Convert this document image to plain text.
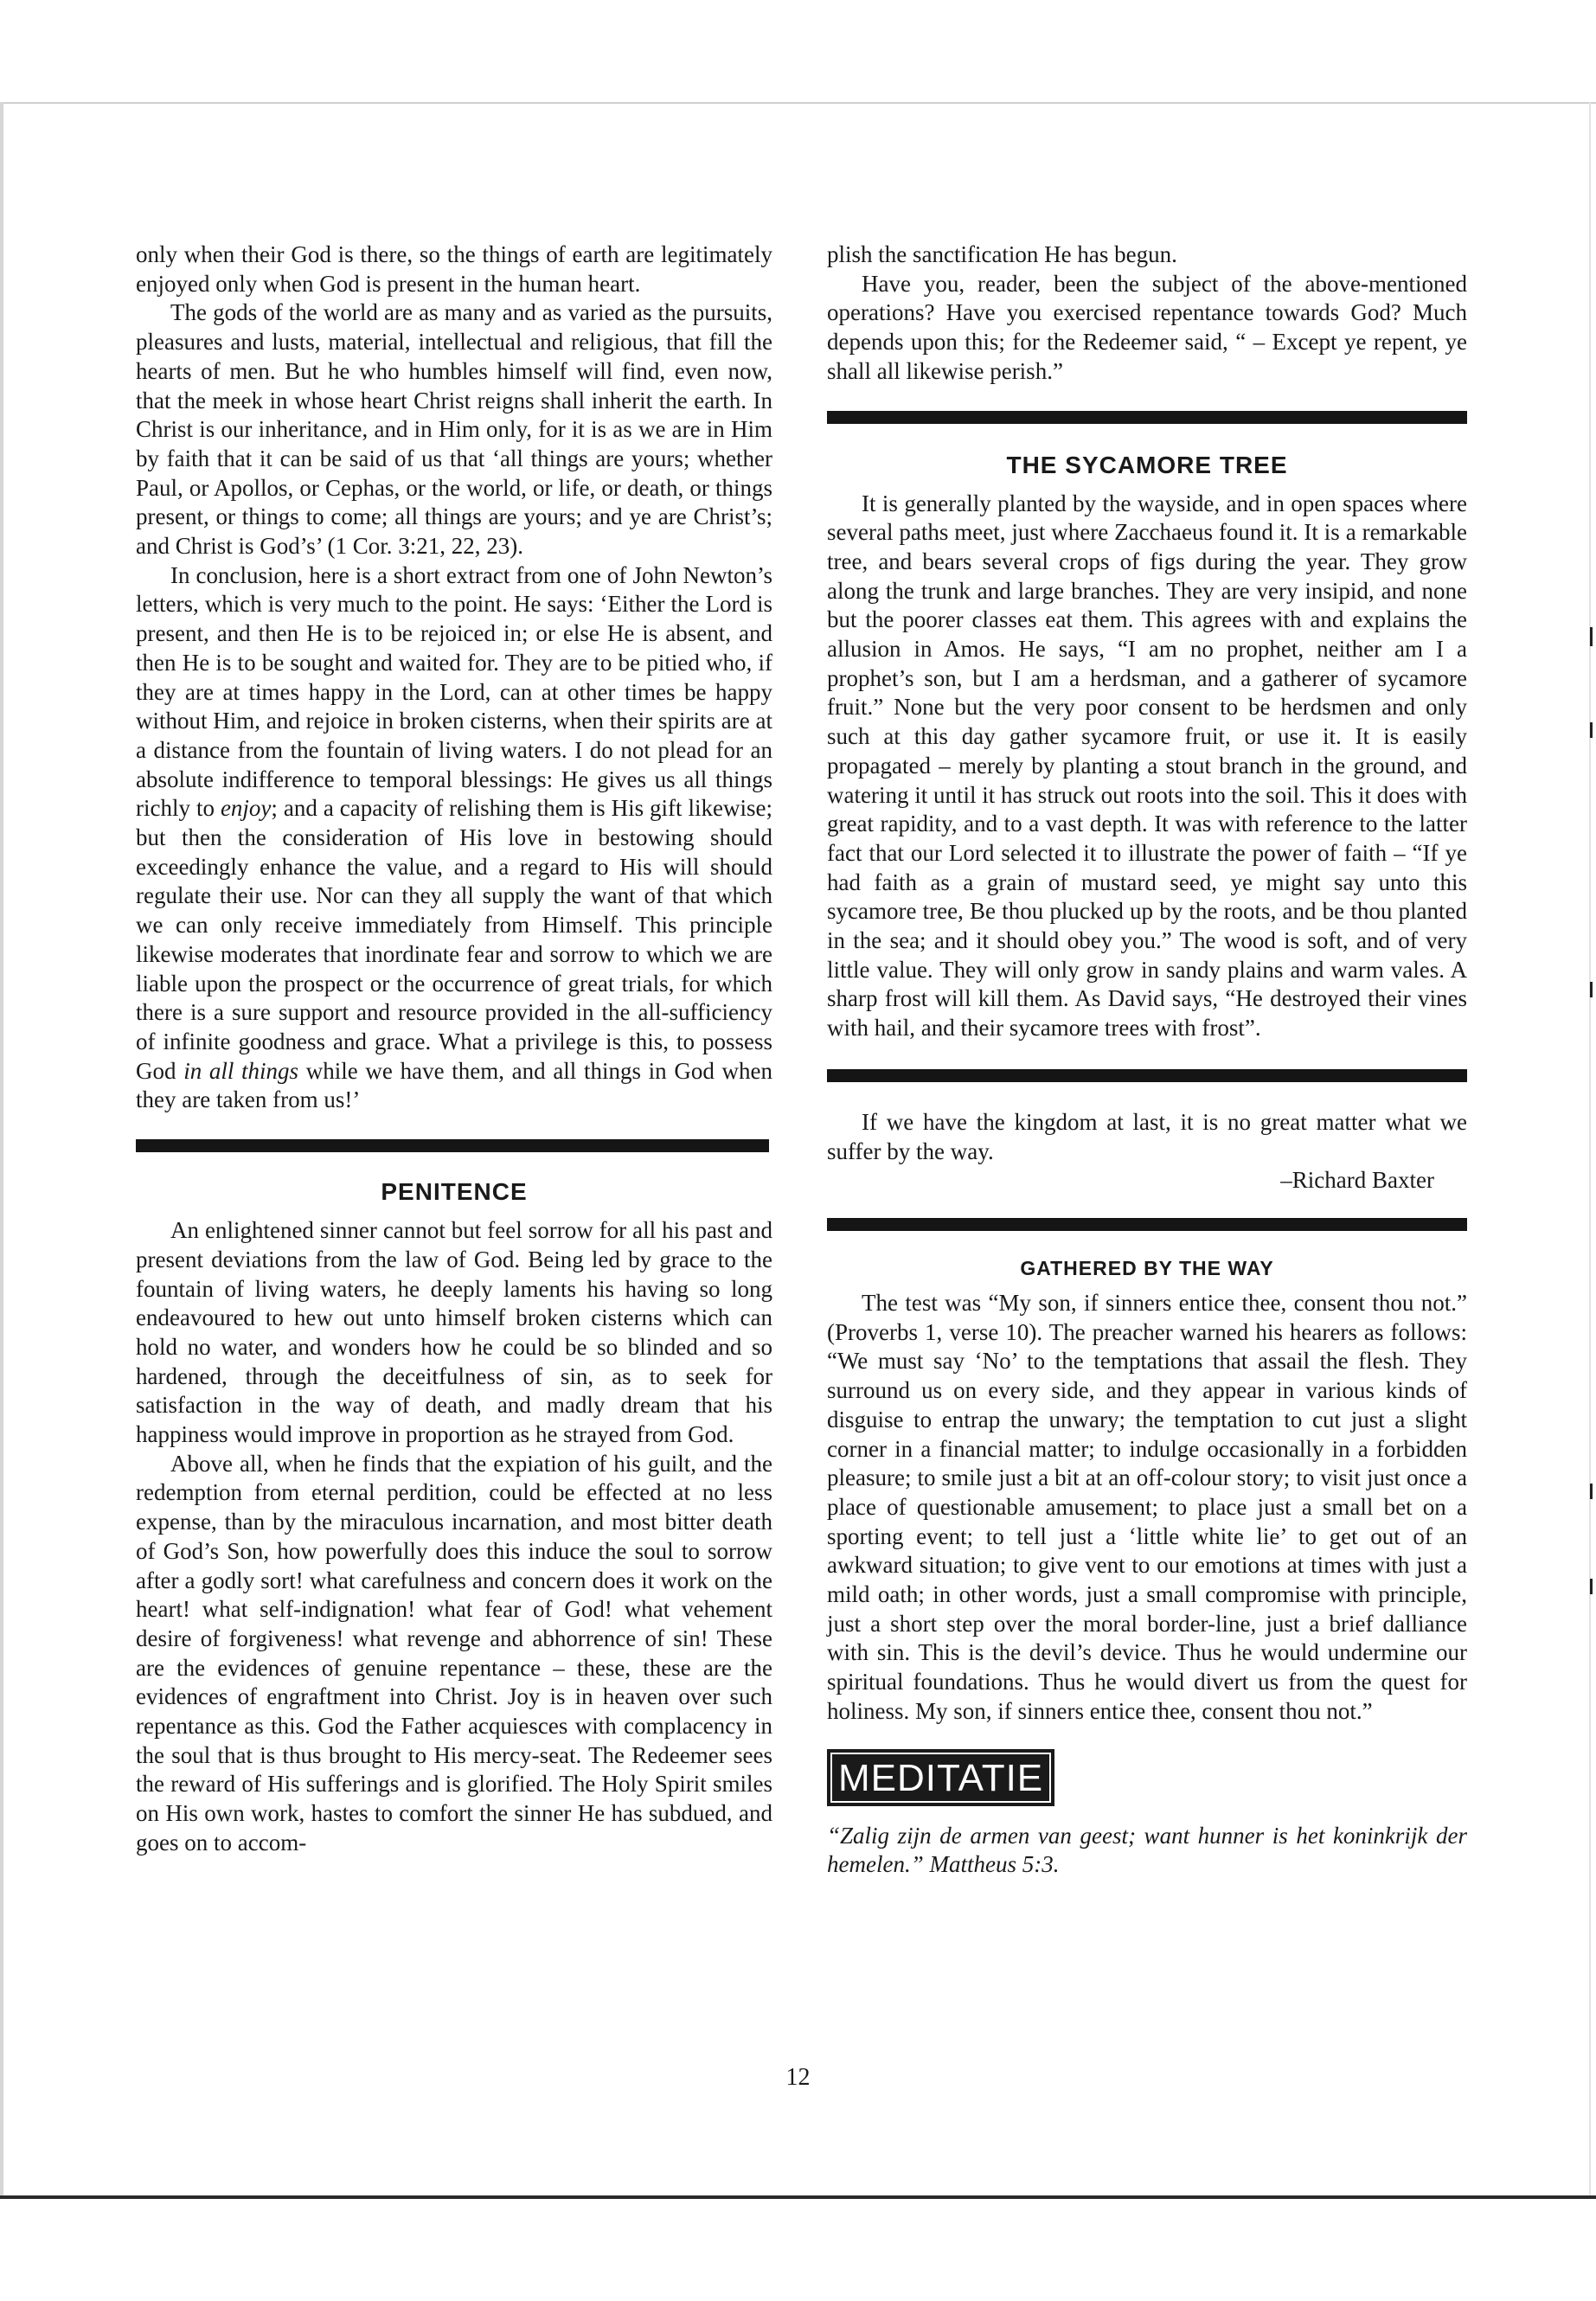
only when their God is there, so the things of earth are legitimately enjoyed only when God is present in the human heart.

The gods of the world are as many and as varied as the pursuits, pleasures and lusts, material, intellectual and religious, that fill the hearts of men. But he who humbles himself will find, even now, that the meek in whose heart Christ reigns shall inherit the earth. In Christ is our inheritance, and in Him only, for it is as we are in Him by faith that it can be said of us that ‘all things are yours; whether Paul, or Apollos, or Cephas, or the world, or life, or death, or things present, or things to come; all things are yours; and ye are Christ’s; and Christ is God’s’ (1 Cor. 3:21, 22, 23).

In conclusion, here is a short extract from one of John Newton’s letters, which is very much to the point. He says: ‘Either the Lord is present, and then He is to be rejoiced in; or else He is absent, and then He is to be sought and waited for. They are to be pitied who, if they are at times happy in the Lord, can at other times be happy without Him, and rejoice in broken cisterns, when their spirits are at a distance from the fountain of living waters. I do not plead for an absolute indifference to temporal blessings: He gives us all things richly to enjoy; and a capacity of relishing them is His gift likewise; but then the consideration of His love in bestowing should exceedingly enhance the value, and a regard to His will should regulate their use. Nor can they all supply the want of that which we can only receive immediately from Himself. This principle likewise moderates that inordinate fear and sorrow to which we are liable upon the prospect or the occurrence of great trials, for which there is a sure support and resource provided in the all-sufficiency of infinite goodness and grace. What a privilege is this, to possess God in all things while we have them, and all things in God when they are taken from us!’

PENITENCE

An enlightened sinner cannot but feel sorrow for all his past and present deviations from the law of God. Being led by grace to the fountain of living waters, he deeply laments his having so long endeavoured to hew out unto himself broken cisterns which can hold no water, and wonders how he could be so blinded and so hardened, through the deceitfulness of sin, as to seek for satisfaction in the way of death, and madly dream that his happiness would improve in proportion as he strayed from God.

Above all, when he finds that the expiation of his guilt, and the redemption from eternal perdition, could be effected at no less expense, than by the miraculous incarnation, and most bitter death of God’s Son, how powerfully does this induce the soul to sorrow after a godly sort! what carefulness and concern does it work on the heart! what self-indignation! what fear of God! what vehement desire of forgiveness! what revenge and abhorrence of sin! These are the evidences of genuine repentance – these, these are the evidences of engraftment into Christ. Joy is in heaven over such repentance as this. God the Father acquiesces with complacency in the soul that is thus brought to His mercy-seat. The Redeemer sees the reward of His sufferings and is glorified. The Holy Spirit smiles on His own work, hastes to comfort the sinner He has subdued, and goes on to accom-

plish the sanctification He has begun.

Have you, reader, been the subject of the above-mentioned operations? Have you exercised repentance towards God? Much depends upon this; for the Redeemer said, “ – Except ye repent, ye shall all likewise perish.”

THE SYCAMORE TREE

It is generally planted by the wayside, and in open spaces where several paths meet, just where Zacchaeus found it. It is a remarkable tree, and bears several crops of figs during the year. They grow along the trunk and large branches. They are very insipid, and none but the poorer classes eat them. This agrees with and explains the allusion in Amos. He says, “I am no prophet, neither am I a prophet’s son, but I am a herdsman, and a gatherer of sycamore fruit.” None but the very poor consent to be herdsmen and only such at this day gather sycamore fruit, or use it. It is easily propagated – merely by planting a stout branch in the ground, and watering it until it has struck out roots into the soil. This it does with great rapidity, and to a vast depth. It was with reference to the latter fact that our Lord selected it to illustrate the power of faith – “If ye had faith as a grain of mustard seed, ye might say unto this sycamore tree, Be thou plucked up by the roots, and be thou planted in the sea; and it should obey you.” The wood is soft, and of very little value. They will only grow in sandy plains and warm vales. A sharp frost will kill them. As David says, “He destroyed their vines with hail, and their sycamore trees with frost”.

If we have the kingdom at last, it is no great matter what we suffer by the way.

–Richard Baxter
GATHERED BY THE WAY

The test was “My son, if sinners entice thee, consent thou not.” (Proverbs 1, verse 10). The preacher warned his hearers as follows: “We must say ‘No’ to the temptations that assail the flesh. They surround us on every side, and they appear in various kinds of disguise to entrap the unwary; the temptation to cut just a slight corner in a financial matter; to indulge occasionally in a forbidden pleasure; to smile just a bit at an off-colour story; to visit just once a place of questionable amusement; to place just a small bet on a sporting event; to tell just a ‘little white lie’ to get out of an awkward situation; to give vent to our emotions at times with just a mild oath; in other words, just a small compromise with principle, just a short step over the moral border-line, just a brief dalliance with sin. This is the devil’s device. Thus he would undermine our spiritual foundations. Thus he would divert us from the quest for holiness. My son, if sinners entice thee, consent thou not.”

MEDITATIE

“Zalig zijn de armen van geest; want hunner is het koninkrijk der hemelen.” Mattheus 5:3.

12
